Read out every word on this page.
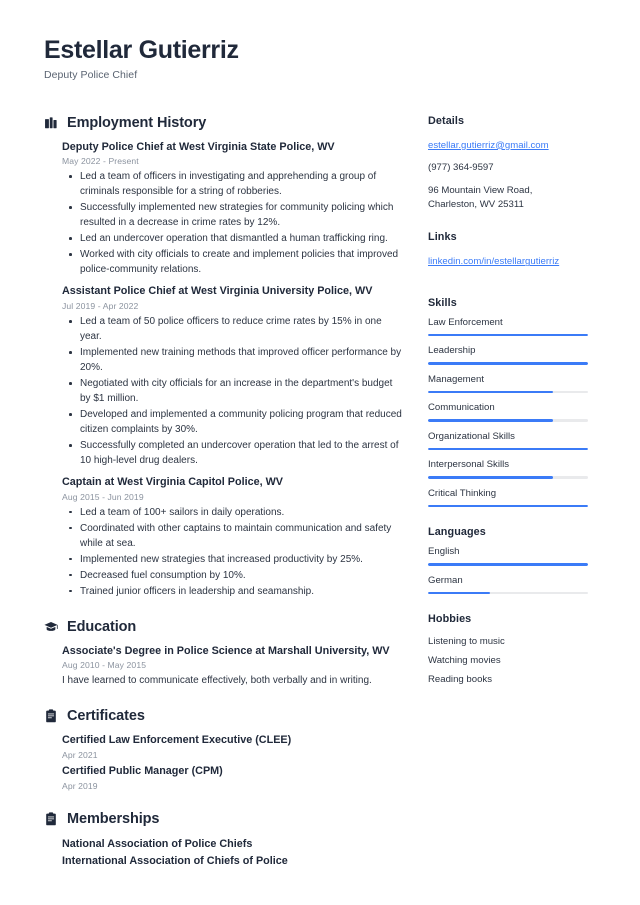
Estellar Gutierriz
Deputy Police Chief
Employment History
Deputy Police Chief at West Virginia State Police, WV
May 2022 - Present
Led a team of officers in investigating and apprehending a group of criminals responsible for a string of robberies.
Successfully implemented new strategies for community policing which resulted in a decrease in crime rates by 12%.
Led an undercover operation that dismantled a human trafficking ring.
Worked with city officials to create and implement policies that improved police-community relations.
Assistant Police Chief at West Virginia University Police, WV
Jul 2019 - Apr 2022
Led a team of 50 police officers to reduce crime rates by 15% in one year.
Implemented new training methods that improved officer performance by 20%.
Negotiated with city officials for an increase in the department's budget by $1 million.
Developed and implemented a community policing program that reduced citizen complaints by 30%.
Successfully completed an undercover operation that led to the arrest of 10 high-level drug dealers.
Captain at West Virginia Capitol Police, WV
Aug 2015 - Jun 2019
Led a team of 100+ sailors in daily operations.
Coordinated with other captains to maintain communication and safety while at sea.
Implemented new strategies that increased productivity by 25%.
Decreased fuel consumption by 10%.
Trained junior officers in leadership and seamanship.
Education
Associate's Degree in Police Science at Marshall University, WV
Aug 2010 - May 2015
I have learned to communicate effectively, both verbally and in writing.
Certificates
Certified Law Enforcement Executive (CLEE)
Apr 2021
Certified Public Manager (CPM)
Apr 2019
Memberships
National Association of Police Chiefs
International Association of Chiefs of Police
Details
estellar.gutierriz@gmail.com
(977) 364-9597
96 Mountain View Road,
Charleston, WV 25311
Links
linkedin.com/in/estellargutierriz
Skills
Law Enforcement
Leadership
Management
Communication
Organizational Skills
Interpersonal Skills
Critical Thinking
Languages
English
German
Hobbies
Listening to music
Watching movies
Reading books
